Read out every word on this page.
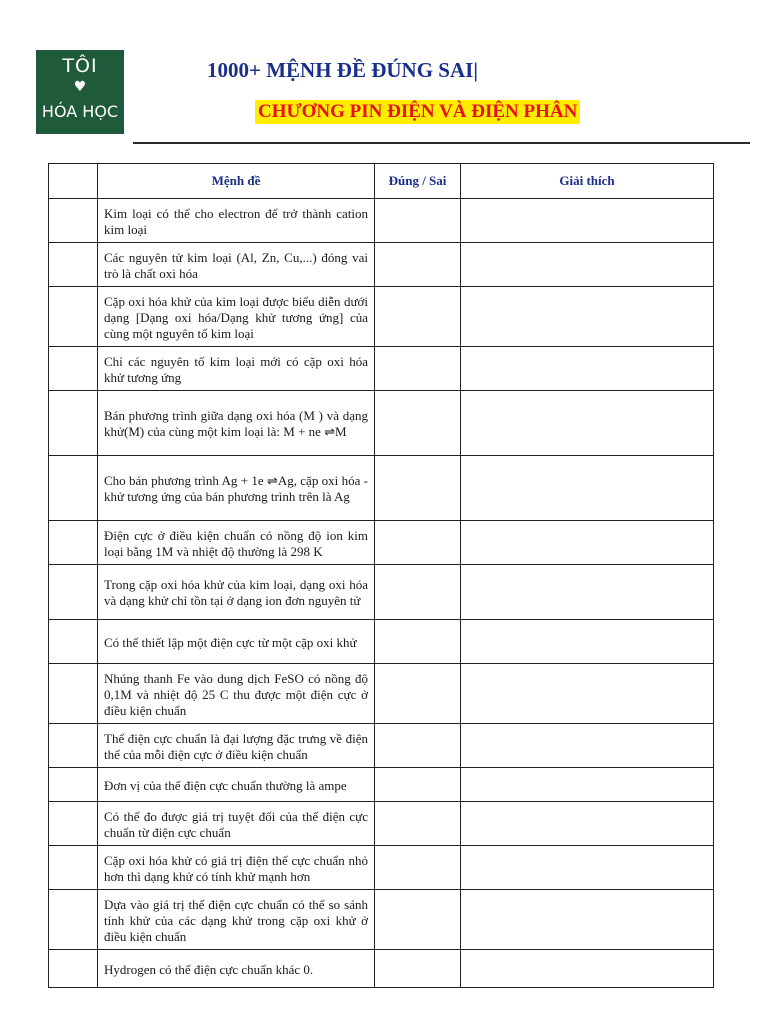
TÔI
♥
HÓA HỌC
1000+ MỆNH ĐỀ ĐÚNG SAI|
CHƯƠNG PIN ĐIỆN VÀ ĐIỆN PHÂN
	Mệnh đề	Đúng / Sai	Giải thích
	Kim loại có thể cho electron để trở thành cation kim loại		
	Các nguyên tử kim loại (Al, Zn, Cu,...) đóng vai trò là chất oxi hóa		
	Cặp oxi hóa khử của kim loại được biểu diễn dưới dạng [Dạng oxi hóa/Dạng khử tương ứng] của cùng một nguyên tố kim loại		
	Chỉ các nguyên tố kim loại mới có cặp oxi hóa khử tương ứng		
	Bán phương trình giữa dạng oxi hóa (M ) và dạng khử(M) của cùng một kim loại là: M + ne ⇌M		
	Cho bán phương trình Ag + 1e ⇌Ag, cặp oxi hóa - khử tương ứng của bán phương trình trên là Ag		
	Điện cực ở điều kiện chuẩn có nồng độ ion kim loại bằng 1M và nhiệt độ thường là 298 K		
	Trong cặp oxi hóa khử của kim loại, dạng oxi hóa và dạng khử chỉ tồn tại ở dạng ion đơn nguyên tử		
	Có thể thiết lập một điện cực từ một cặp oxi khử		
	Nhúng thanh Fe vào dung dịch FeSO có nồng độ 0,1M và nhiệt độ 25 C thu được một điện cực ở điều kiện chuẩn		
	Thế điện cực chuẩn là đại lượng đặc trưng về điện thế của mỗi điện cực ở điều kiện chuẩn		
	Đơn vị của thế điện cực chuẩn thường là ampe		
	Có thể đo được giá trị tuyệt đối của thế điện cực chuẩn từ điện cực chuẩn		
	Cặp oxi hóa khử có giá trị điện thế cực chuẩn nhỏ hơn thì dạng khử có tính khử mạnh hơn		
	Dựa vào giá trị thế điện cực chuẩn có thể so sánh tính khử của các dạng khử trong cặp oxi khử ở điều kiện chuẩn		
	Hydrogen có thế điện cực chuẩn khác 0.		
